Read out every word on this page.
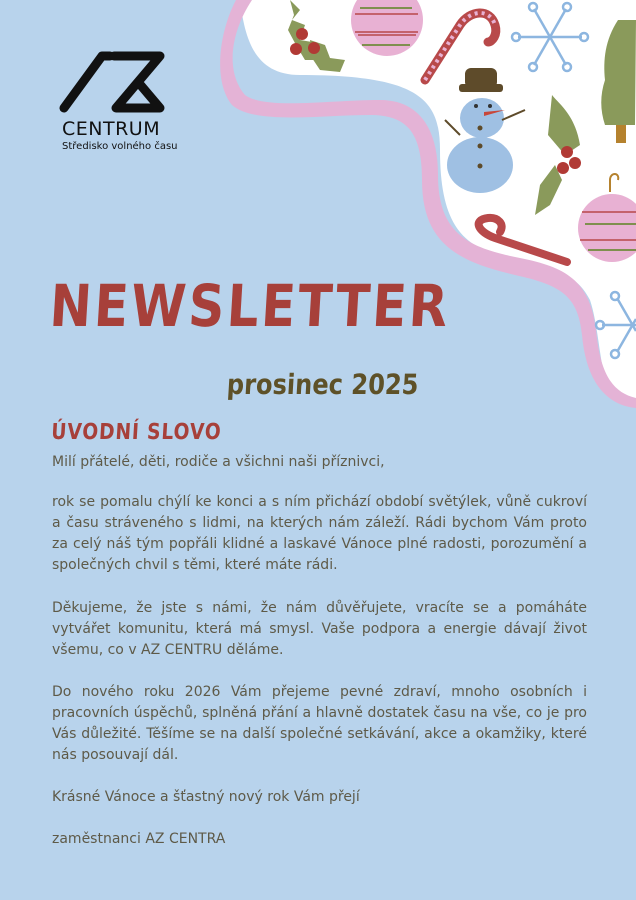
CENTRUM
Středisko volného času
NEWSLETTER
prosinec 2025
ÚVODNÍ SLOVO
Milí přátelé, děti, rodiče a všichni naši příznivci,
rok se pomalu chýlí ke konci a s ním přichází období světýlek, vůně cukroví a času stráveného s lidmi, na kterých nám záleží. Rádi bychom Vám proto za celý náš tým popřáli klidné a laskavé Vánoce plné radosti, porozumění a společných chvil s těmi, které máte rádi.
Děkujeme, že jste s námi, že nám důvěřujete, vracíte se a pomáháte vytvářet komunitu, která má smysl. Vaše podpora a energie dávají život všemu, co v AZ CENTRU děláme.
Do nového roku 2026 Vám přejeme pevné zdraví, mnoho osobních i pracovních úspěchů, splněná přání a hlavně dostatek času na vše, co je pro Vás důležité. Těšíme se na další společné setkávání, akce a okamžiky, které nás posouvají dál.
Krásné Vánoce a šťastný nový rok Vám přejí
zaměstnanci AZ CENTRA
